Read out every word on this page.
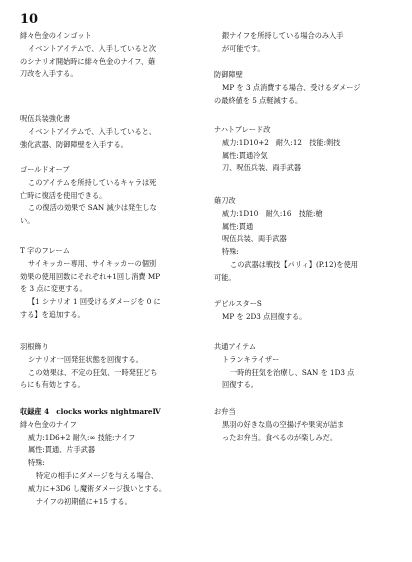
10
緋々色金のインゴット
イベントアイテムで、入手していると次
のシナリオ開始時に緋々色金のナイフ、薙
刀改を入手する。
呪伍兵装強化書
イベントアイテムで、入手していると、
強化武器、防御障壁を入手する。
ゴールドオーブ
このアイテムを所持しているキャラは死
亡時に復活を使用できる。
この復活の効果で SAN 減少は発生しな
い。
T 字のフレーム
サイキッカー専用、サイキッカーの個別
効果の使用回数にそれぞれ+1回し消費 MP
を 3 点に変更する。
【1 シナリオ 1 回受けるダメージを 0 に
する】を追加する。
羽根飾り
シナリオ一回発狂状態を回復する。
この効果は、不定の狂気、一時発狂どち
らにも有効とする。
収録産 4　clocks works nightmareⅣ
緋々色金のナイフ
威力:1D6+2 耐久:∞ 技能:ナイフ
属性:貫通、片手武器
特殊:
特定の相手にダメージを与える場合、
威力に+3D6 し魔術ダメージ扱いとする。
ナイフの初期値に+15 する。
銀ナイフを所持している場合のみ入手
が可能です。
防御障壁
MP を 3 点消費する場合、受けるダメージ
の最終値を 5 点軽減する。
ナハトブレード改
威力:1D10+2　耐久:12　技能:剣技
属性:貫通冷気
刀、呪伍兵装、両手武器
薙刀改
威力:1D10　耐久:16　技能:槍
属性:貫通
呪伍兵装、両手武器
特殊:
この武器は戦技【パリィ】(P.12)を使用
可能。
デビルスターS
MP を 2D3 点回復する。
共通アイテム
トランキライザー
一時的狂気を治療し、SAN を 1D3 点
回復する。
お弁当
黒羽の好きな鳥の空揚げや果実が詰ま
ったお弁当。食べるのが楽しみだ。
